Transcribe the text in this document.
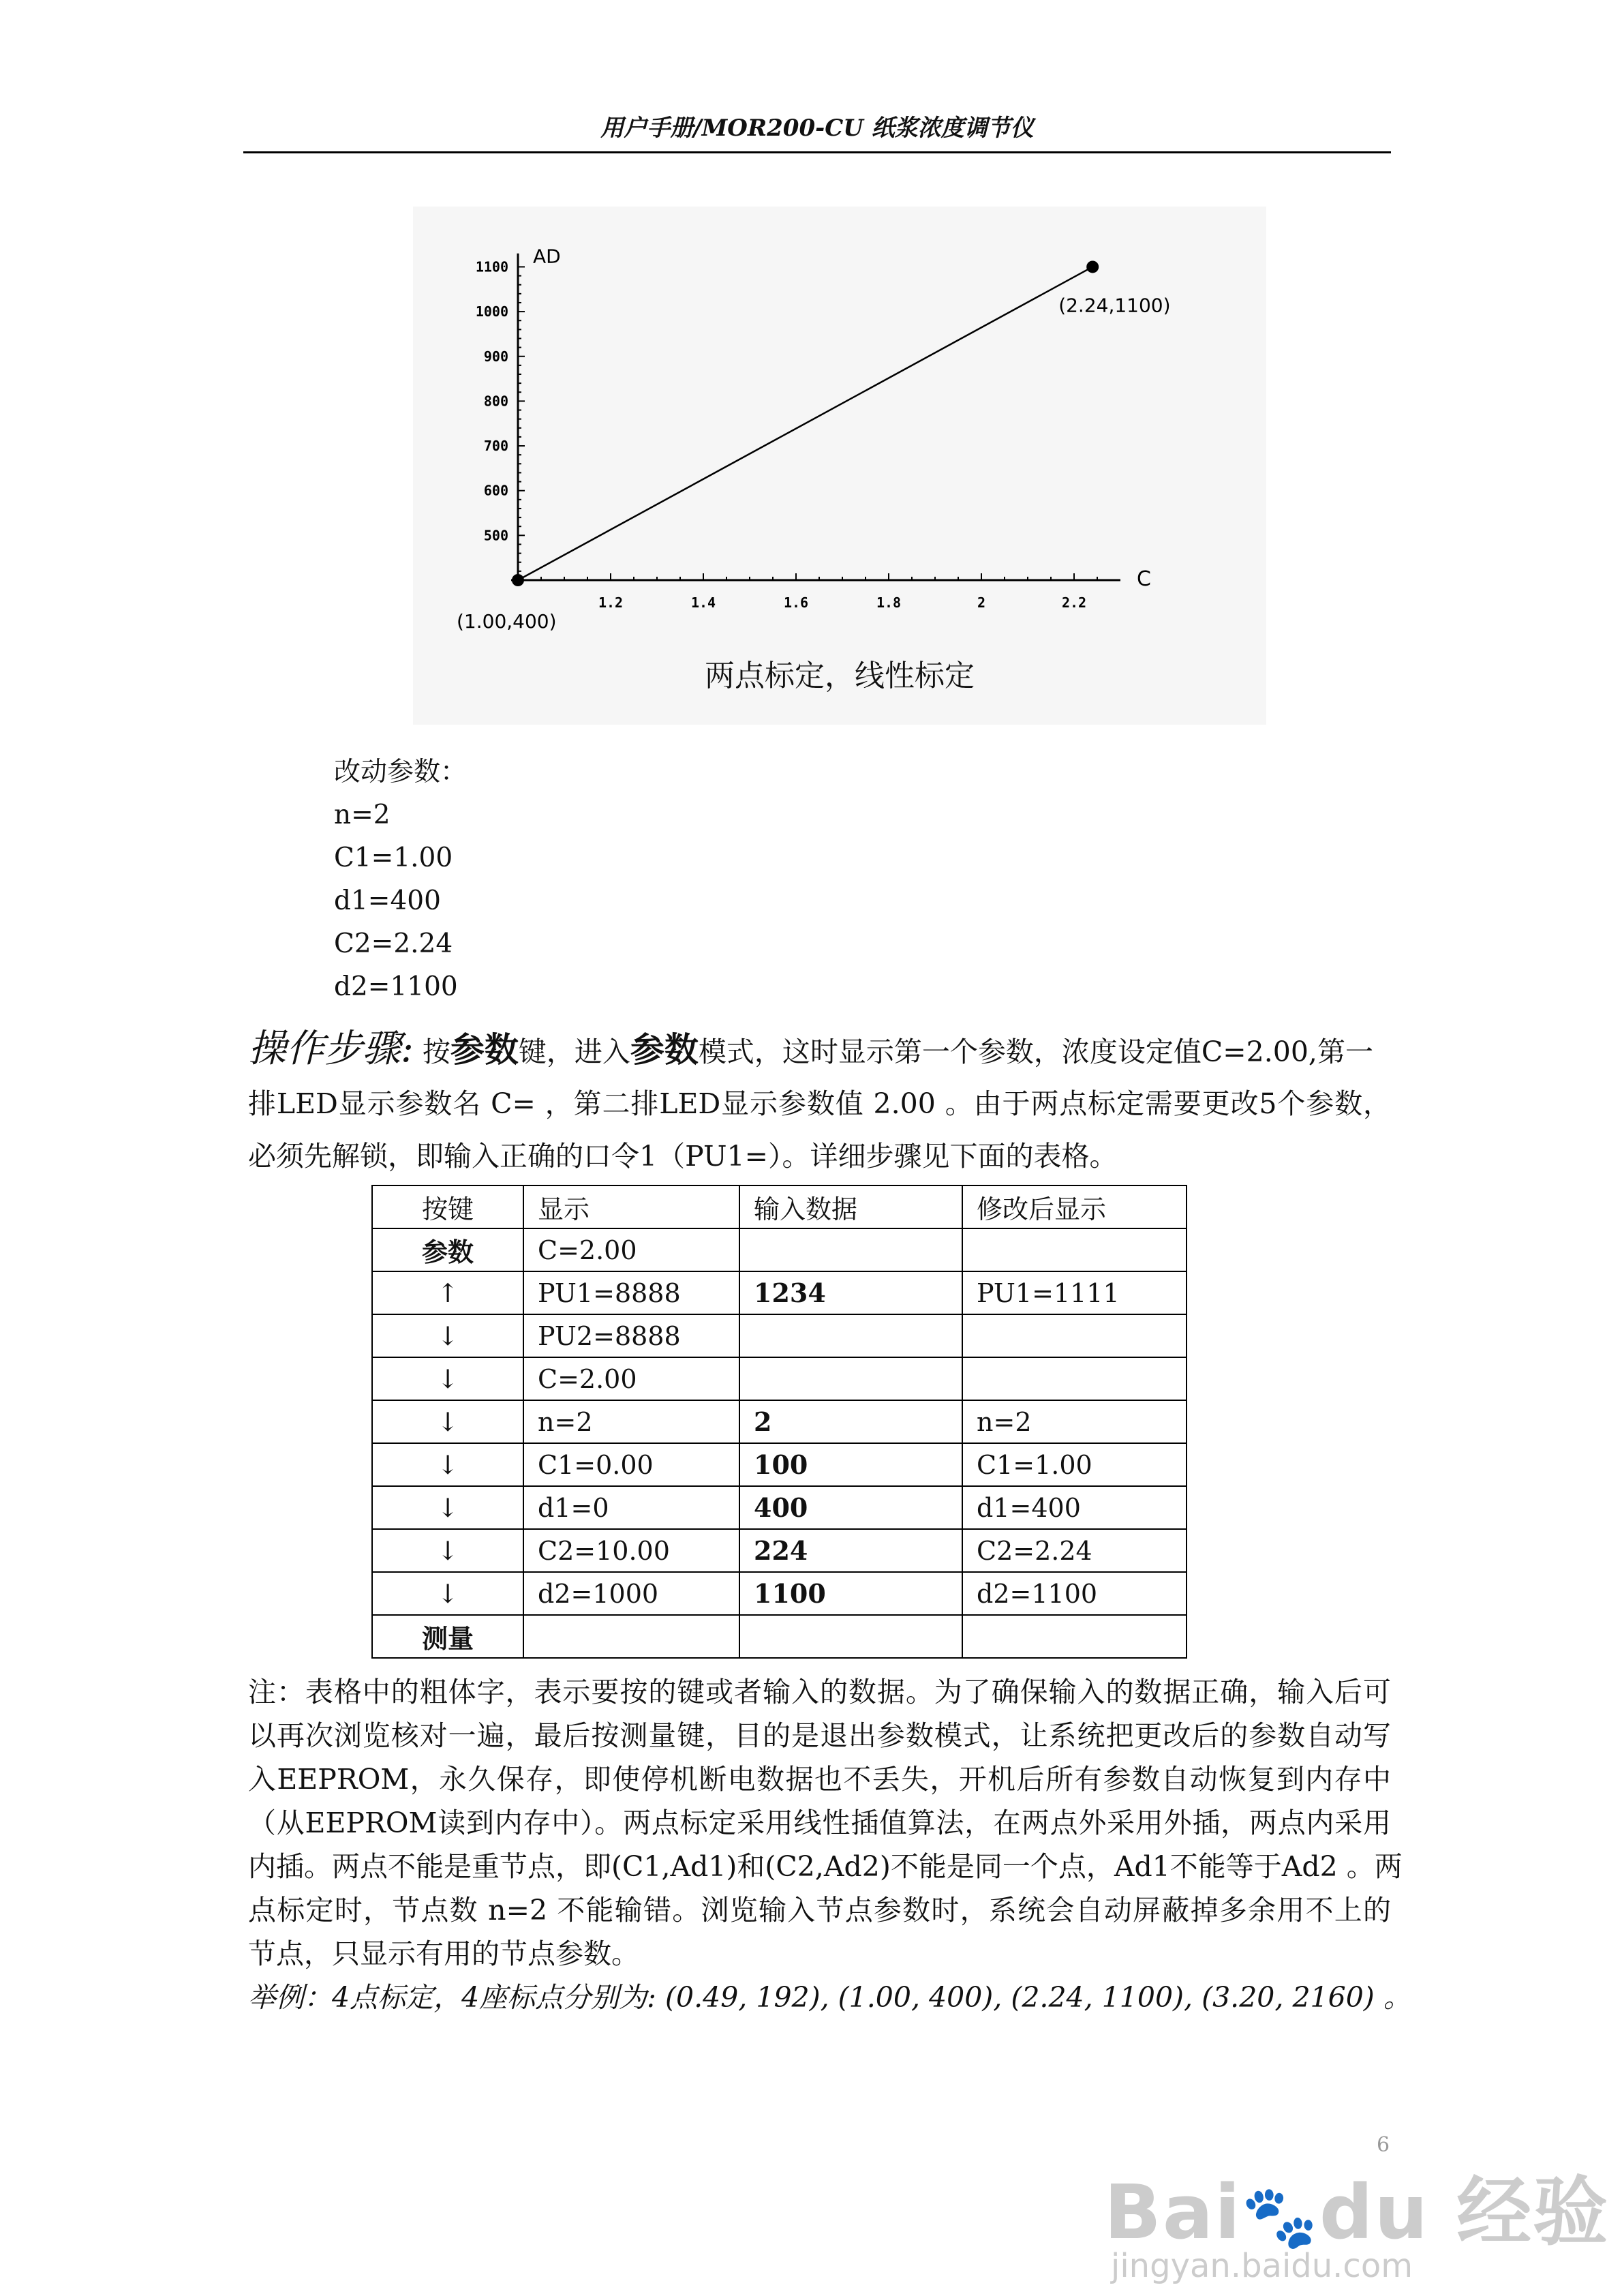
用户手册/MOR200-CU 纸浆浓度调节仪
1.2	1.4	1.6	1.8	2	2.2
500
600
700
800
900
1000
1100
C
AD
(1.00,400)
(2.24,1100)
两点标定，线性标定
改动参数：
n=2
C1=1.00
d1=400
C2=2.24
d2=1100
操作步骤: 按参数键，进入参数模式，这时显示第一个参数，浓度设定值C=2.00,第一
排LED显示参数名 C= ，第二排LED显示参数值 2.00 。由于两点标定需要更改5个参数，
必须先解锁，即输入正确的口令1（PU1=）。详细步骤见下面的表格。
按键	显示	输入数据	修改后显示
参数	C=2.00		
↑	PU1=8888	1234	PU1=1111
↓	PU2=8888		
↓	C=2.00		
↓	n=2	2	n=2
↓	C1=0.00	100	C1=1.00
↓	d1=0	400	d1=400
↓	C2=10.00	224	C2=2.24
↓	d2=1000	1100	d2=1100
测量			
注：表格中的粗体字，表示要按的键或者输入的数据。为了确保输入的数据正确，输入后可
以再次浏览核对一遍，最后按测量键，目的是退出参数模式，让系统把更改后的参数自动写
入EEPROM，永久保存，即使停机断电数据也不丢失，开机后所有参数自动恢复到内存中
（从EEPROM读到内存中）。两点标定采用线性插值算法，在两点外采用外插，两点内采用
内插。两点不能是重节点，即(C1,Ad1)和(C2,Ad2)不能是同一个点，Ad1不能等于Ad2 。两
点标定时，节点数 n=2 不能输错。浏览输入节点参数时，系统会自动屏蔽掉多余用不上的
节点，只显示有用的节点参数。
举例：4点标定，4座标点分别为: (0.49, 192), (1.00, 400), (2.24, 1100), (3.20, 2160) 。
6
Bai🐾du 经验
jingyan.baidu.com
